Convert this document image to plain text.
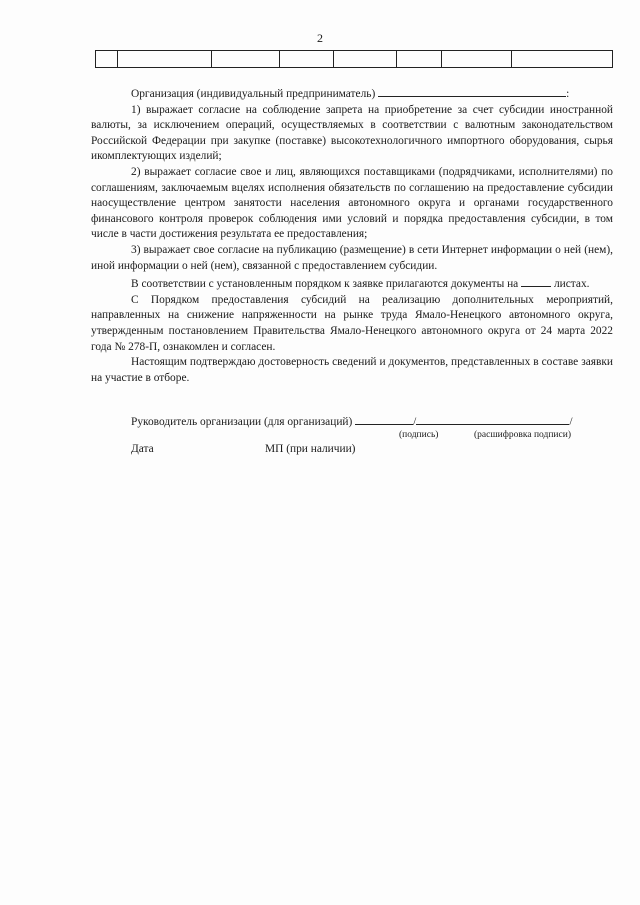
2

Организация (индивидуальный предприниматель)	:

1) выражает согласие на соблюдение запрета на приобретение за счет субсидии иностранной валюты, за исключением операций, осуществляемых в соответствии с валютным законодательством Российской Федерации при закупке (поставке) высокотехнологичного импортного оборудования, сырья икомплектующих изделий;

2) выражает согласие свое и лиц, являющихся поставщиками (подрядчиками, исполнителями) по соглашениям, заключаемым вцелях исполнения обязательств по соглашению на предоставление субсидии наосуществление центром занятости населения автономного округа и органами государственного финансового контроля проверок соблюдения ими условий и порядка предоставления субсидии, в том числе в части достижения результата ее предоставления;

3) выражает свое согласие на публикацию (размещение) в сети Интернет информации о ней (нем), иной информации о ней (нем), связанной с предоставлением субсидии.

В соответствии с установленным порядком к заявке прилагаются документы на	листах.

С Порядком предоставления субсидий на реализацию дополнительных мероприятий, направленных на снижение напряженности на рынке труда Ямало-Ненецкого автономного округа, утвержденным постановлением Правительства Ямало-Ненецкого автономного округа от 24 марта 2022 года № 278-П, ознакомлен и согласен.

Настоящим подтверждаю достоверность сведений и документов, представленных в составе заявки на участие в отборе.

Руководитель организации (для организаций)	/	/
(подпись)	(расшифровка подписи)
Дата	МП (при наличии)
